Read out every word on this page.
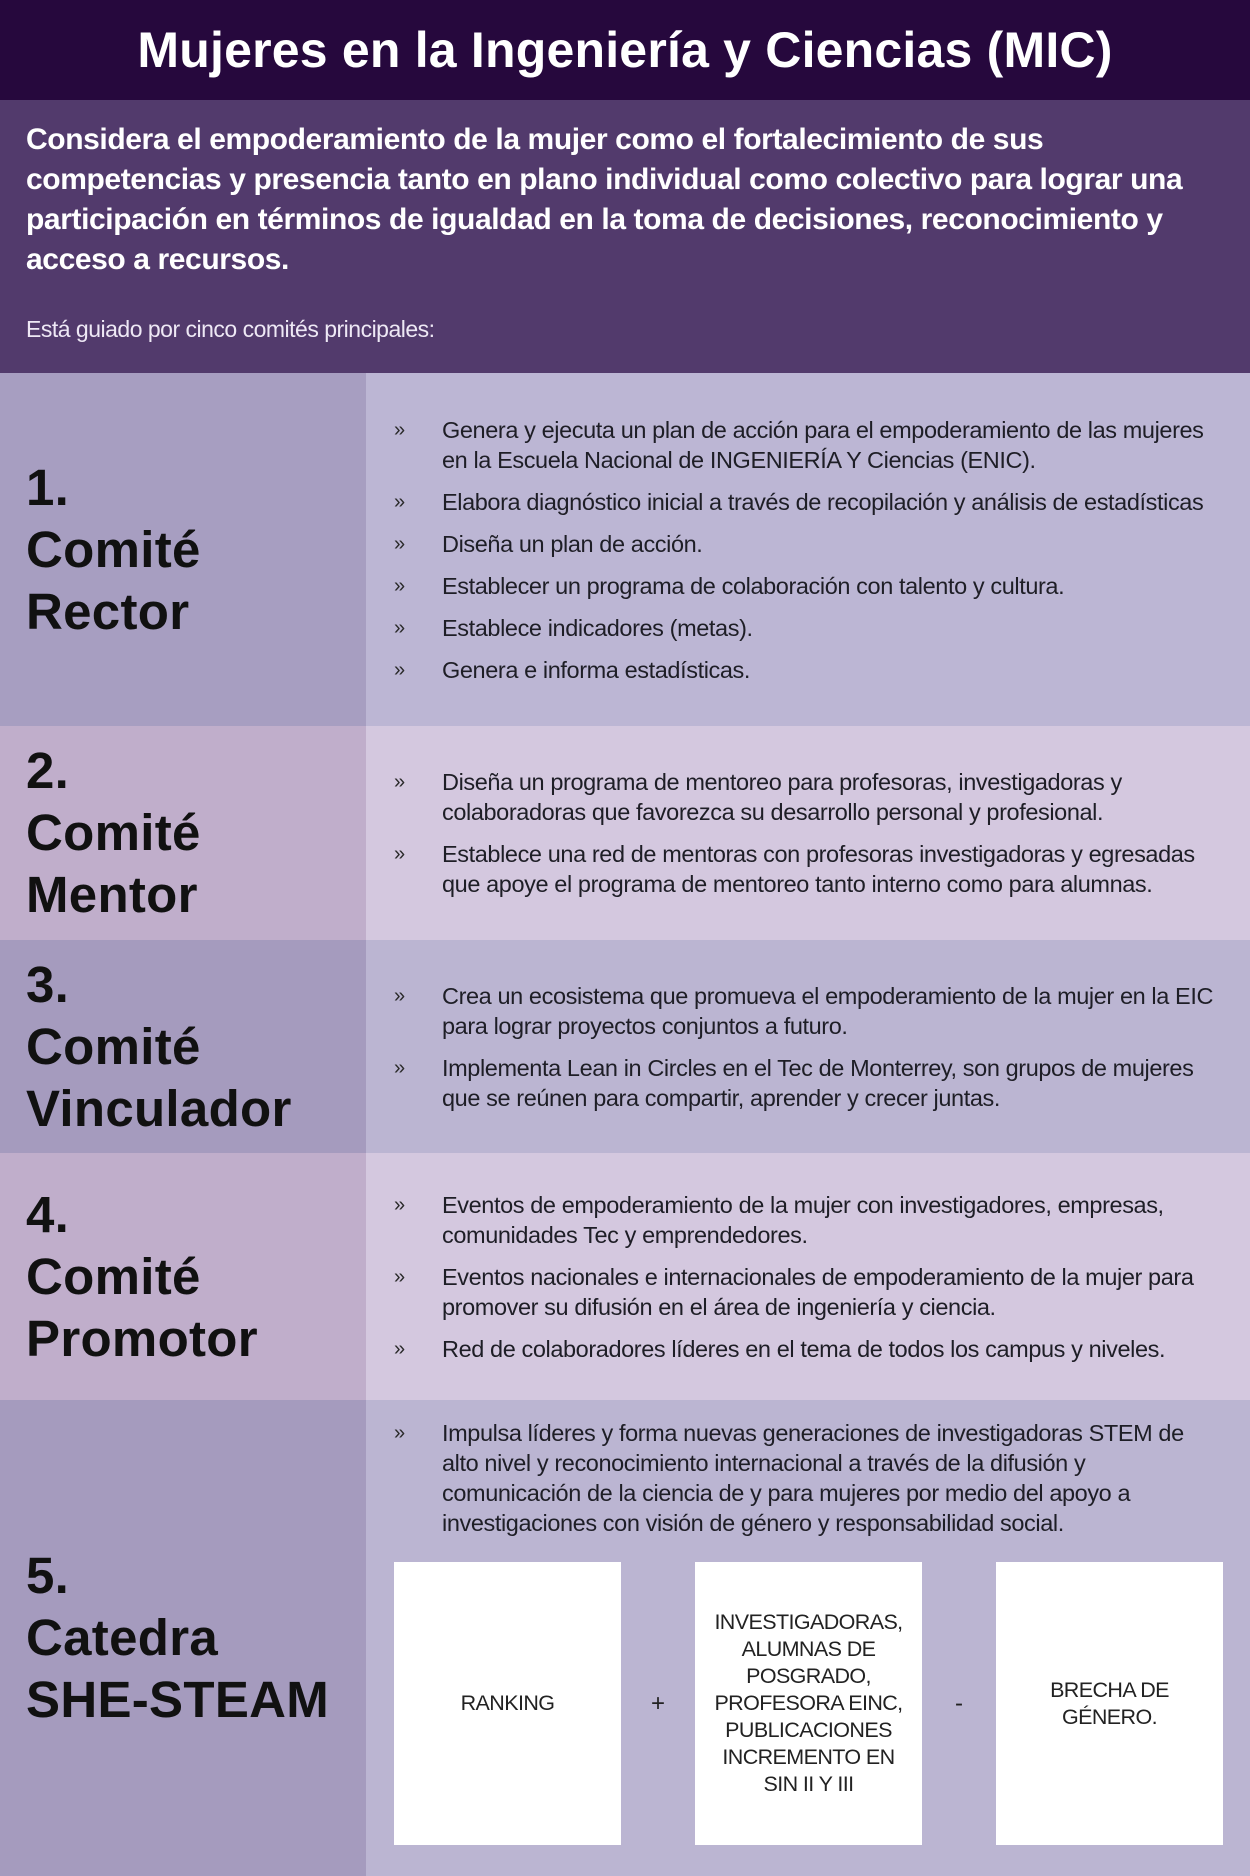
Mujeres en la Ingeniería y Ciencias (MIC)

Considera el empoderamiento de la mujer como el fortalecimiento de sus competencias y presencia tanto en plano individual como colectivo para lograr una participación en términos de igualdad en la toma de decisiones, reconocimiento y acceso a recursos.

Está guiado por cinco comités principales:

1.
Comité
Rector
»	Genera y ejecuta un plan de acción para el empoderamiento de las mujeres en la Escuela Nacional de INGENIERÍA Y Ciencias (ENIC).
»	Elabora diagnóstico inicial a través de recopilación y análisis de estadísticas
»	Diseña un plan de acción.
»	Establecer un programa de colaboración con talento y cultura.
»	Establece indicadores (metas).
»	Genera e informa estadísticas.
2.
Comité
Mentor
»	Diseña un programa de mentoreo para profesoras, investigadoras y colaboradoras que favorezca su desarrollo personal y profesional.
»	Establece una red de mentoras con profesoras investigadoras y egresadas que apoye el programa de mentoreo tanto interno como para alumnas.
3.
Comité
Vinculador
»	Crea un ecosistema que promueva el empoderamiento de la mujer en la EIC para lograr proyectos conjuntos a futuro.
»	Implementa Lean in Circles en el Tec de Monterrey, son grupos de mujeres que se reúnen para compartir, aprender y crecer juntas.
4.
Comité
Promotor
»	Eventos de empoderamiento de la mujer con investigadores, empresas, comunidades Tec y emprendedores.
»	Eventos nacionales e internacionales de empoderamiento de la mujer para promover su difusión en el área de ingeniería y ciencia.
»	Red de colaboradores líderes en el tema de todos los campus y niveles.
5.
Catedra
SHE-STEAM
»	Impulsa líderes y forma nuevas generaciones de investigadoras STEM de alto nivel y reconocimiento internacional a través de la difusión y comunicación de la ciencia de y para mujeres por medio del apoyo a investigaciones con visión de género y responsabilidad social.
RANKING	+
INVESTIGADORAS, ALUMNAS DE POSGRADO, PROFESORA EINC, PUBLICACIONES INCREMENTO EN SIN II Y III
-	BRECHA DE GÉNERO.
